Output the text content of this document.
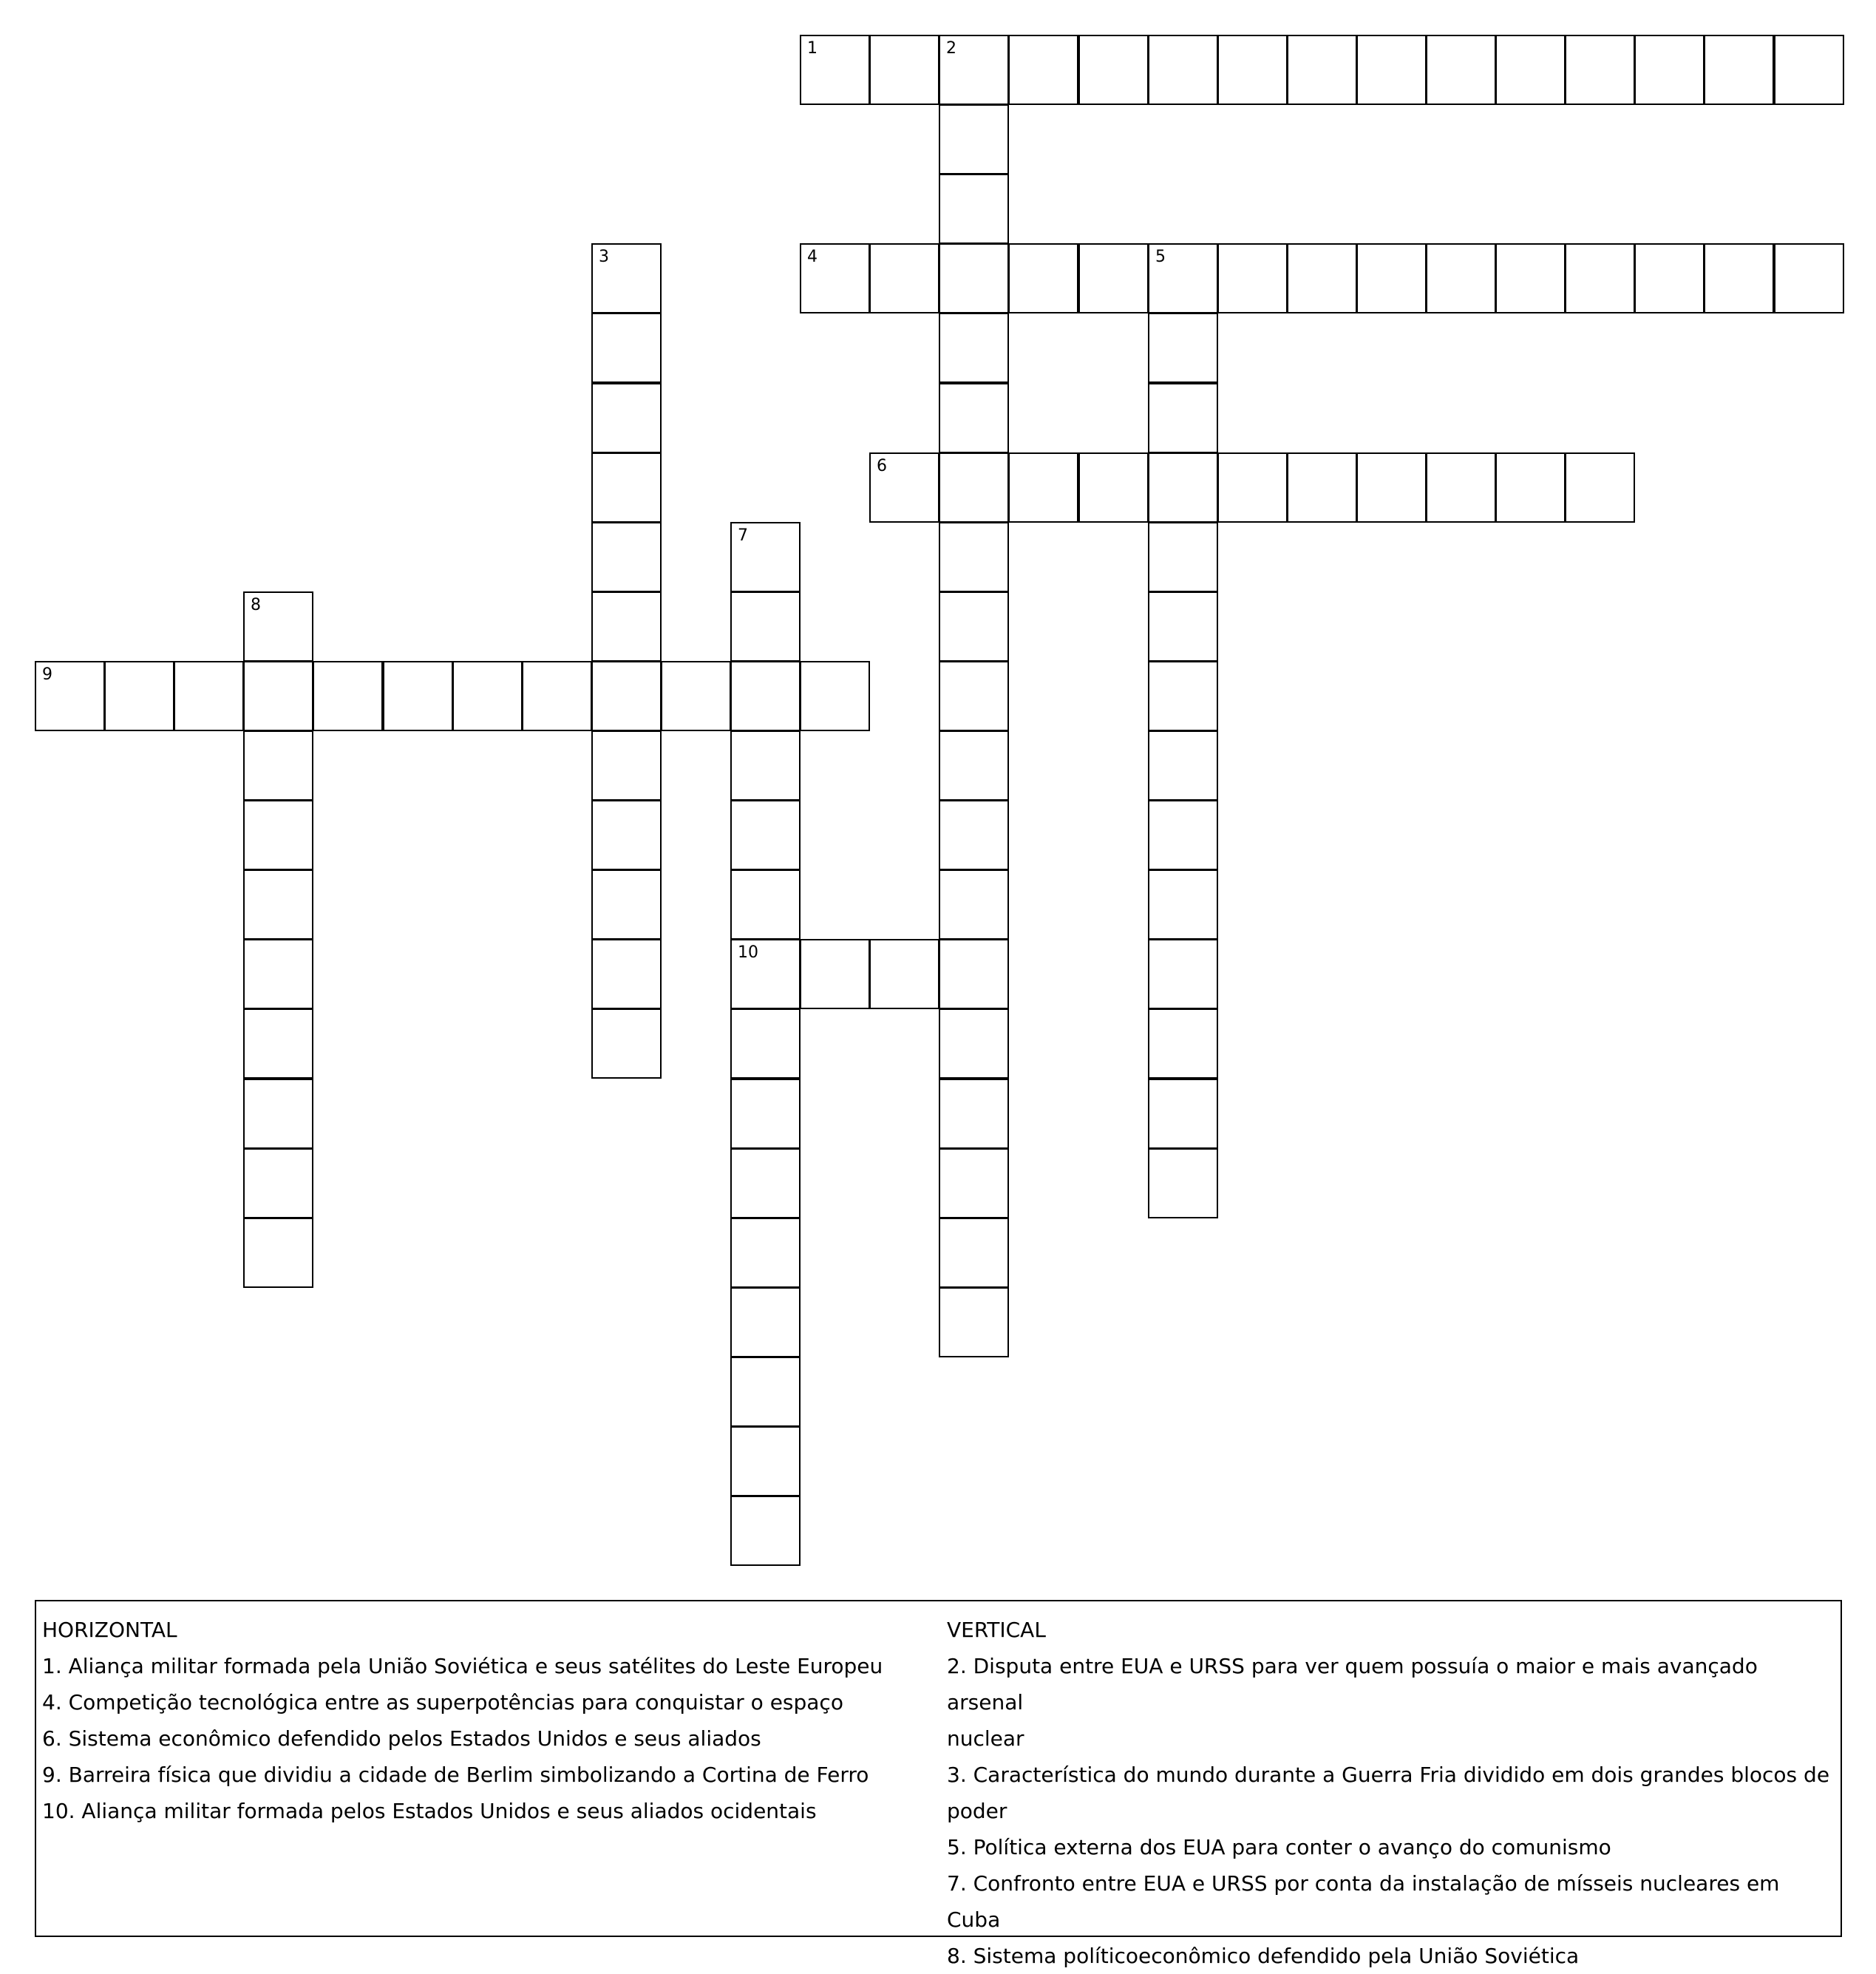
1	2
3	4	5
6
7
10
8
9
HORIZONTAL
1. Aliança militar formada pela União Soviética e seus satélites do Leste Europeu
4. Competição tecnológica entre as superpotências para conquistar o espaço
6. Sistema econômico defendido pelos Estados Unidos e seus aliados
9. Barreira física que dividiu a cidade de Berlim simbolizando a Cortina de Ferro
10. Aliança militar formada pelos Estados Unidos e seus aliados ocidentais
VERTICAL
2. Disputa entre EUA e URSS para ver quem possuía o maior e mais avançado arsenal
nuclear
3. Característica do mundo durante a Guerra Fria dividido em dois grandes blocos de
poder
5. Política externa dos EUA para conter o avanço do comunismo
7. Confronto entre EUA e URSS por conta da instalação de mísseis nucleares em Cuba
8. Sistema políticoeconômico defendido pela União Soviética
